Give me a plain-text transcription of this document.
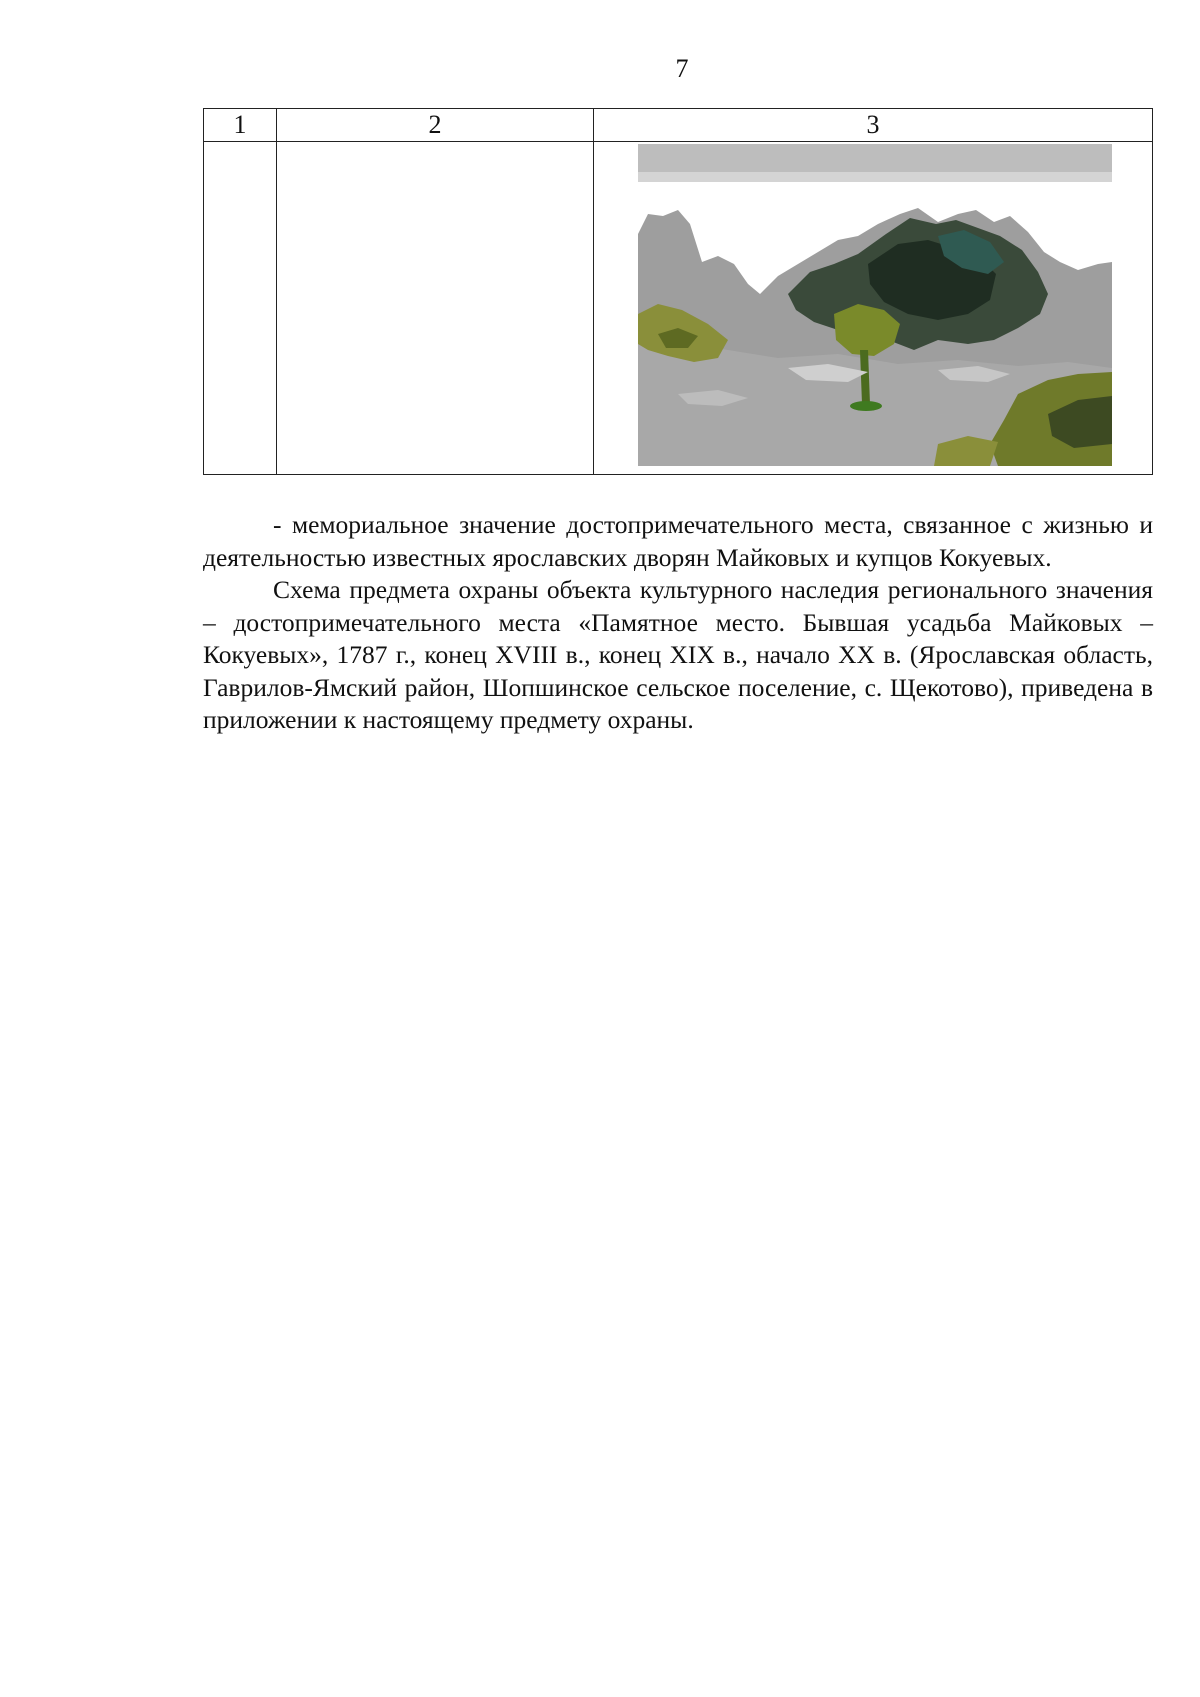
7
1	2	3

- мемориальное значение достопримечательного места, связанное с жизнью и деятельностью известных ярославских дворян Майковых и купцов Кокуевых.

Схема предмета охраны объекта культурного наследия регионального значения – достопримечательного места «Памятное место. Бывшая усадьба Майковых – Кокуевых», 1787 г., конец XVIII в., конец XIX в., начало XX в. (Ярославская область, Гаврилов-Ямский район, Шопшинское сельское поселение, с. Щекотово), приведена в приложении к настоящему предмету охраны.
